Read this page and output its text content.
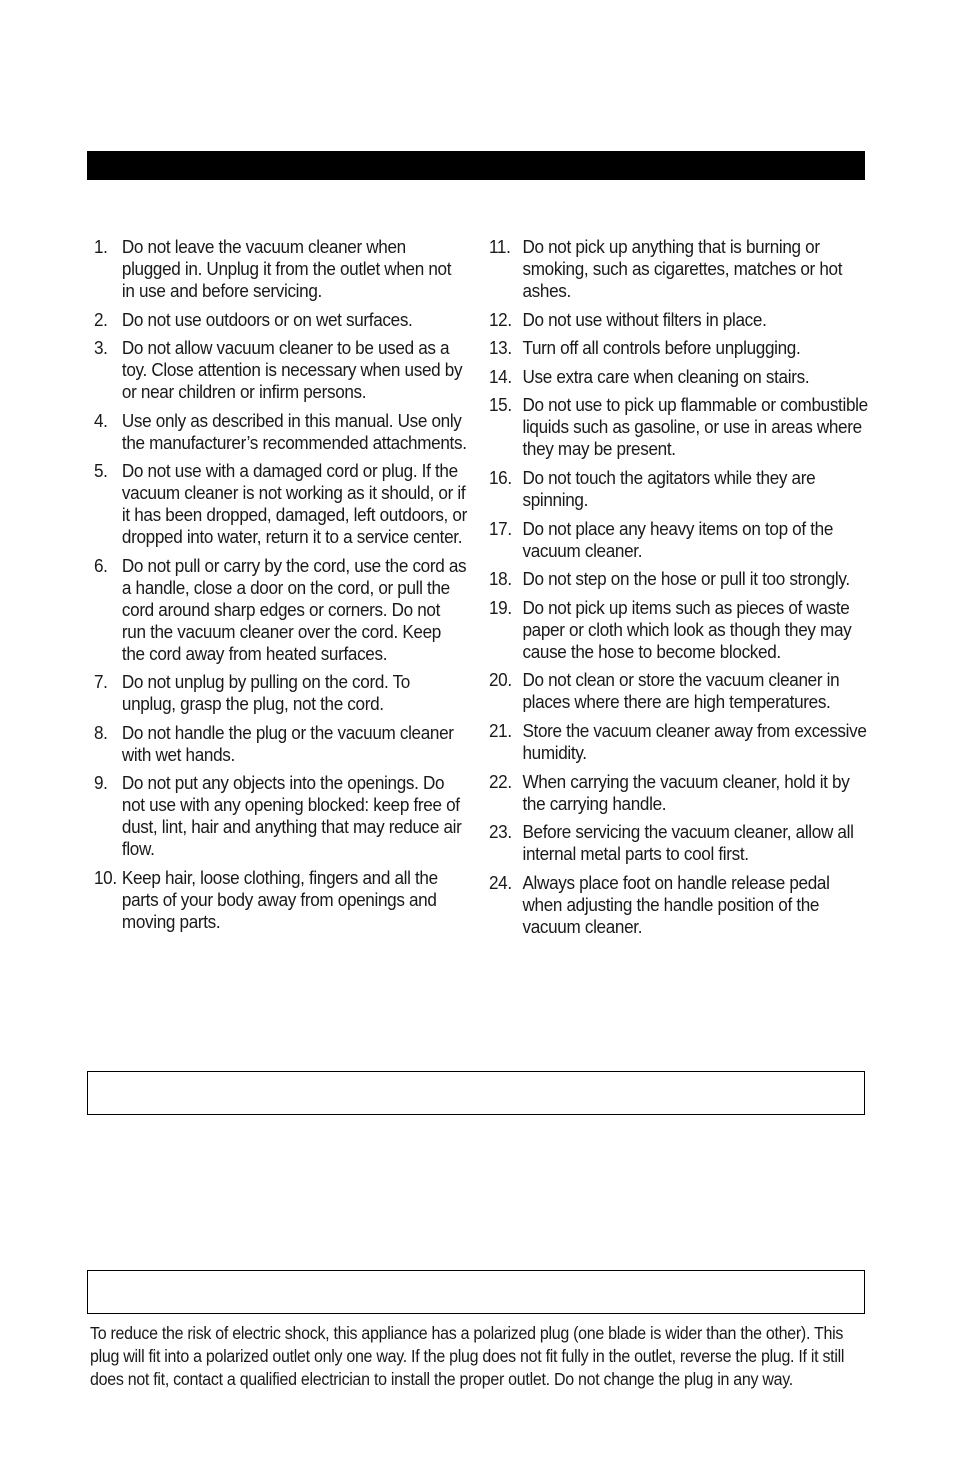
1. Do not leave the vacuum cleaner when plugged in. Unplug it from the outlet when not in use and before servicing.
2. Do not use outdoors or on wet surfaces.
3. Do not allow vacuum cleaner to be used as a toy. Close attention is necessary when used by or near children or infirm persons.
4. Use only as described in this manual. Use only the manufacturer’s recommended attachments.
5. Do not use with a damaged cord or plug. If the vacuum cleaner is not working as it should, or if it has been dropped, damaged, left outdoors, or dropped into water, return it to a service center.
6. Do not pull or carry by the cord, use the cord as a handle, close a door on the cord, or pull the cord around sharp edges or corners. Do not run the vacuum cleaner over the cord. Keep the cord away from heated surfaces.
7. Do not unplug by pulling on the cord. To unplug, grasp the plug, not the cord.
8. Do not handle the plug or the vacuum cleaner with wet hands.
9. Do not put any objects into the openings. Do not use with any opening blocked: keep free of dust, lint, hair and anything that may reduce air flow.
10. Keep hair, loose clothing, fingers and all the parts of your body away from openings and moving parts.
11. Do not pick up anything that is burning or smoking, such as cigarettes, matches or hot ashes.
12. Do not use without filters in place.
13. Turn off all controls before unplugging.
14. Use extra care when cleaning on stairs.
15. Do not use to pick up flammable or combustible liquids such as gasoline, or use in areas where they may be present.
16. Do not touch the agitators while they are spinning.
17. Do not place any heavy items on top of the vacuum cleaner.
18. Do not step on the hose or pull it too strongly.
19. Do not pick up items such as pieces of waste paper or cloth which look as though they may cause the hose to become blocked.
20. Do not clean or store the vacuum cleaner in places where there are high temperatures.
21. Store the vacuum cleaner away from excessive humidity.
22. When carrying the vacuum cleaner, hold it by the carrying handle.
23. Before servicing the vacuum cleaner, allow all internal metal parts to cool first.
24. Always place foot on handle release pedal when adjusting the handle position of the vacuum cleaner.

To reduce the risk of electric shock, this appliance has a polarized plug (one blade is wider than the other). This plug will fit into a polarized outlet only one way. If the plug does not fit fully in the outlet, reverse the plug. If it still does not fit, contact a qualified electrician to install the proper outlet. Do not change the plug in any way.
